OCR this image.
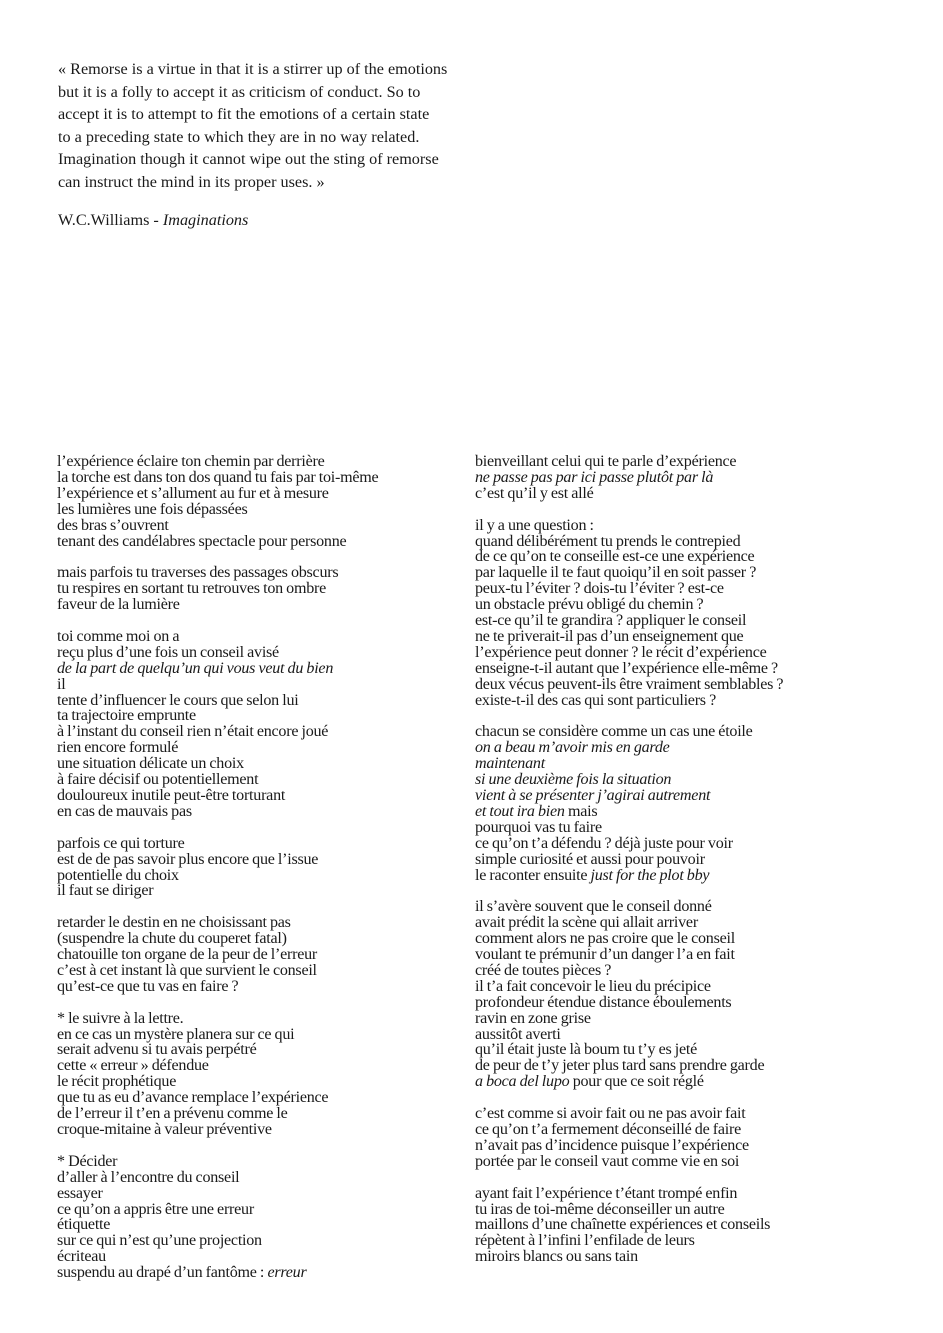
« Remorse is a virtue in that it is a stirrer up of the emotions
but it is a folly to accept it as criticism of conduct. So to
accept it is to attempt to fit the emotions of a certain state
to a preceding state to which they are in no way related.
Imagination though it cannot wipe out the sting of remorse
can instruct the mind in its proper uses. »

W.C.Williams - Imaginations

l’expérience éclaire ton chemin par derrière
la torche est dans ton dos quand tu fais par toi-même
l’expérience et s’allument au fur et à mesure
les lumières une fois dépassées
des bras s’ouvrent
tenant des candélabres spectacle pour personne
mais parfois tu traverses des passages obscurs
tu respires en sortant tu retrouves ton ombre
faveur de la lumière
toi comme moi on a
reçu plus d’une fois un conseil avisé
de la part de quelqu’un qui vous veut du bien
il
tente d’influencer le cours que selon lui
ta trajectoire emprunte
à l’instant du conseil rien n’était encore joué
rien encore formulé
une situation délicate un choix
à faire décisif ou potentiellement
douloureux inutile peut-être torturant
en cas de mauvais pas
parfois ce qui torture
est de de pas savoir plus encore que l’issue
potentielle du choix
il faut se diriger
retarder le destin en ne choisissant pas
(suspendre la chute du couperet fatal)
chatouille ton organe de la peur de l’erreur
c’est à cet instant là que survient le conseil
qu’est-ce que tu vas en faire ?
* le suivre à la lettre.
en ce cas un mystère planera sur ce qui
serait advenu si tu avais perpétré
cette « erreur » défendue
le récit prophétique
que tu as eu d’avance remplace l’expérience
de l’erreur il t’en a prévenu comme le
croque-mitaine à valeur préventive
* Décider
d’aller à l’encontre du conseil
essayer
ce qu’on a appris être une erreur
étiquette
sur ce qui n’est qu’une projection
écriteau
suspendu au drapé d’un fantôme : erreur
bienveillant celui qui te parle d’expérience
ne passe pas par ici passe plutôt par là
c’est qu’il y est allé
il y a une question :
quand délibérément tu prends le contrepied
de ce qu’on te conseille est-ce une expérience
par laquelle il te faut quoiqu’il en soit passer ?
peux-tu l’éviter ? dois-tu l’éviter ? est-ce
un obstacle prévu obligé du chemin ?
est-ce qu’il te grandira ? appliquer le conseil
ne te priverait-il pas d’un enseignement que
l’expérience peut donner ? le récit d’expérience
enseigne-t-il autant que l’expérience elle-même ?
deux vécus peuvent-ils être vraiment semblables ?
existe-t-il des cas qui sont particuliers ?
chacun se considère comme un cas une étoile
on a beau m’avoir mis en garde
maintenant
si une deuxième fois la situation
vient à se présenter j’agirai autrement
et tout ira bien mais
pourquoi vas tu faire
ce qu’on t’a défendu ? déjà juste pour voir
simple curiosité et aussi pour pouvoir
le raconter ensuite just for the plot bby
il s’avère souvent que le conseil donné
avait prédit la scène qui allait arriver
comment alors ne pas croire que le conseil
voulant te prémunir d’un danger l’a en fait
créé de toutes pièces ?
il t’a fait concevoir le lieu du précipice
profondeur étendue distance éboulements
ravin en zone grise
aussitôt averti
qu’il était juste là boum tu t’y es jeté
de peur de t’y jeter plus tard sans prendre garde
a boca del lupo pour que ce soit réglé
c’est comme si avoir fait ou ne pas avoir fait
ce qu’on t’a fermement déconseillé de faire
n’avait pas d’incidence puisque l’expérience
portée par le conseil vaut comme vie en soi
ayant fait l’expérience t’étant trompé enfin
tu iras de toi-même déconseiller un autre
maillons d’une chaînette expériences et conseils
répètent à l’infini l’enfilade de leurs
miroirs blancs ou sans tain
